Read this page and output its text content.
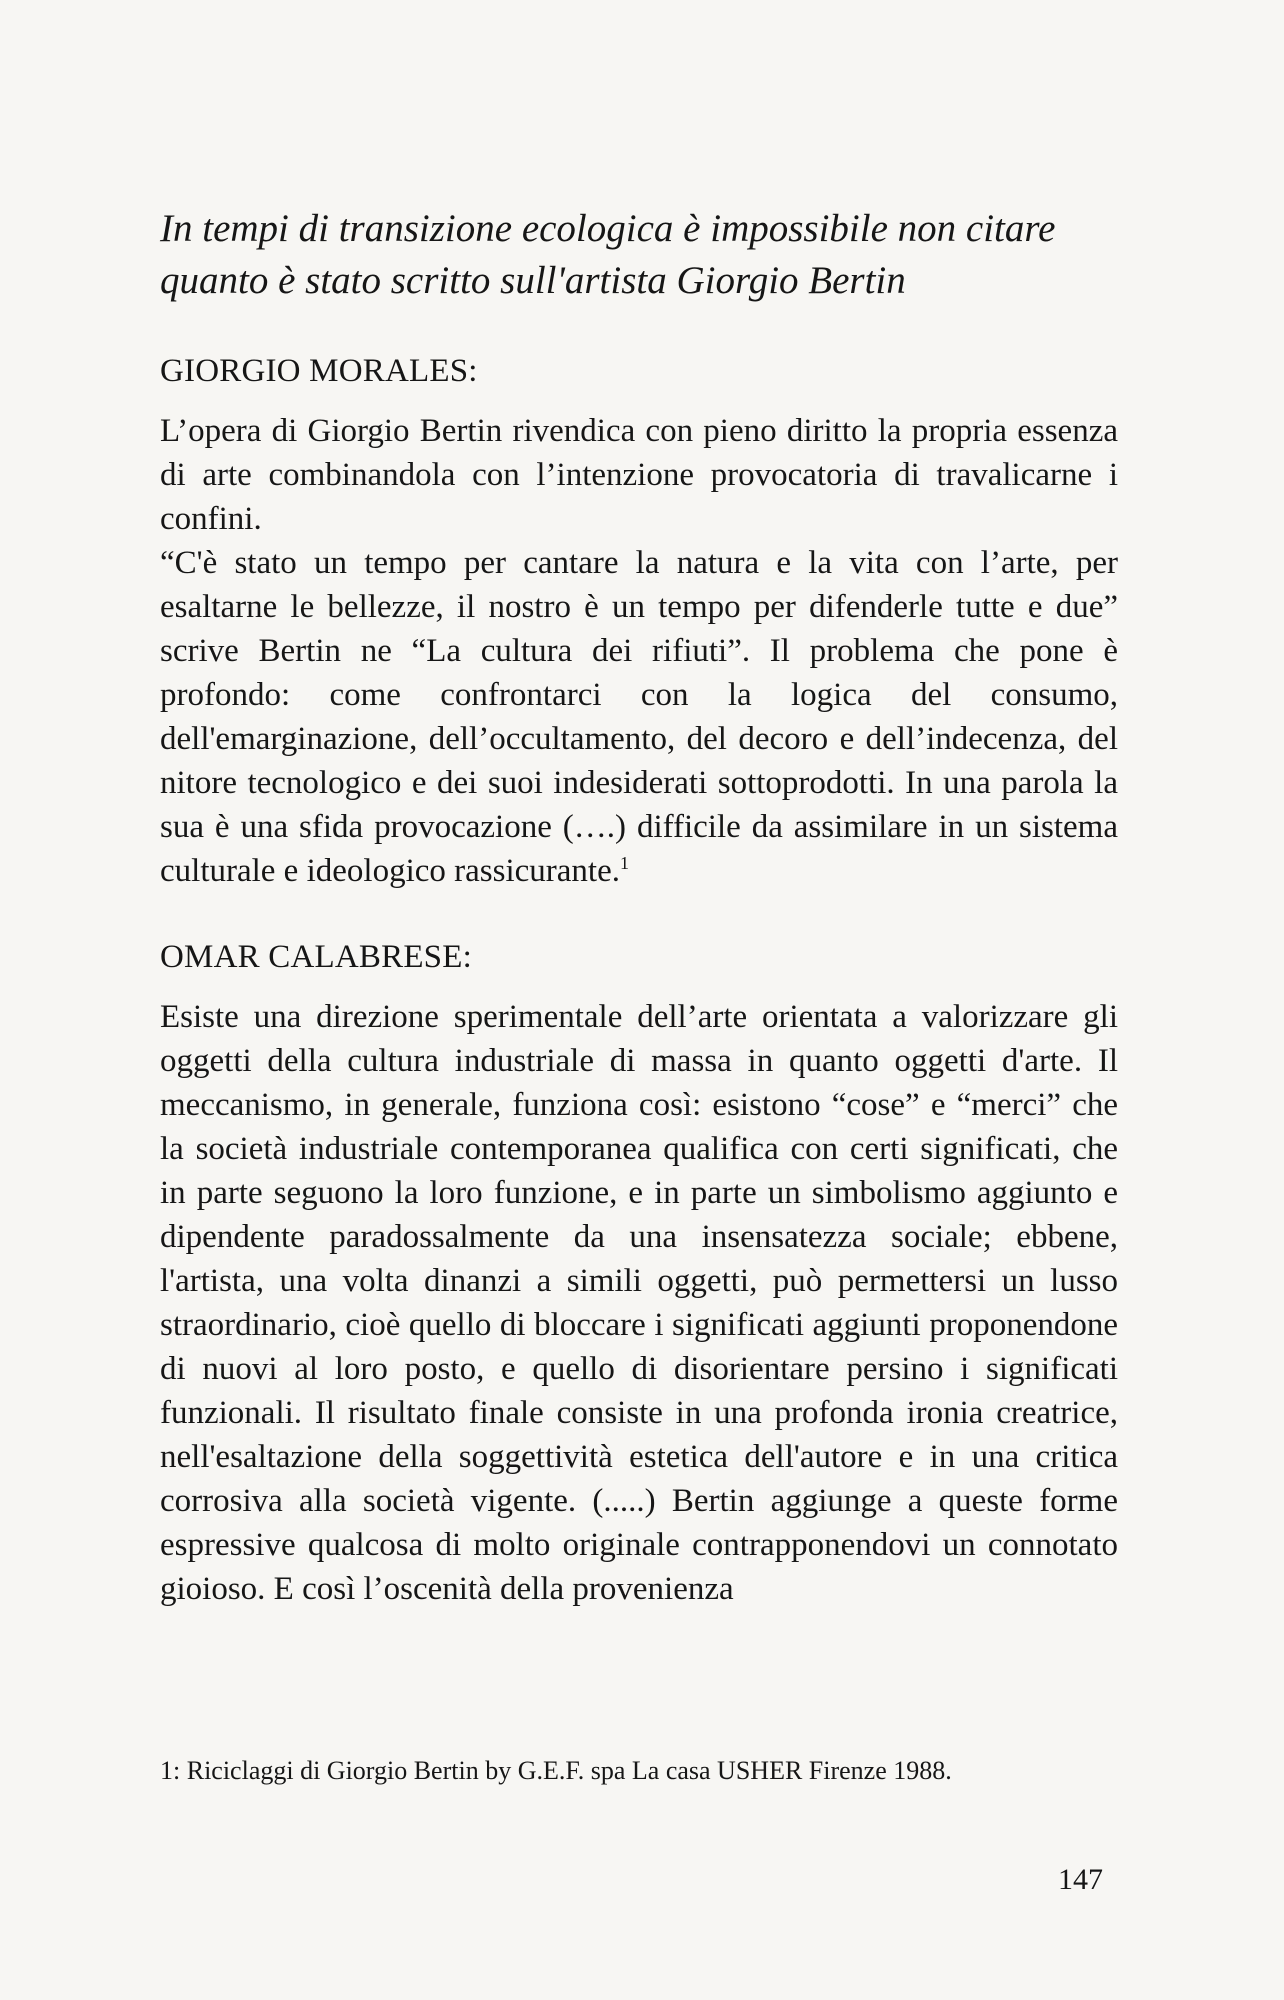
In tempi di transizione ecologica è impossibile non citare
quanto è stato scritto sull'artista Giorgio Bertin

GIORGIO MORALES:

L’opera di Giorgio Bertin rivendica con pieno diritto la propria essenza di arte combinandola con l’intenzione provocatoria di travalicarne i confini.

“C'è stato un tempo per cantare la natura e la vita con l’arte, per esaltarne le bellezze, il nostro è un tempo per difenderle tutte e due” scrive Bertin ne “La cultura dei rifiuti”. Il problema che pone è profondo: come confrontarci con la logica del consumo, dell'emarginazione, dell’occultamento, del decoro e dell’indecenza, del nitore tecnologico e dei suoi indesiderati sottoprodotti. In una parola la sua è una sfida provocazione (….) difficile da assimilare in un sistema culturale e ideologico rassicurante.$^1$

OMAR CALABRESE:

Esiste una direzione sperimentale dell’arte orientata a valorizzare gli oggetti della cultura industriale di massa in quanto oggetti d'arte. Il meccanismo, in generale, funziona così: esistono “cose” e “merci” che la società industriale contemporanea qualifica con certi significati, che in parte seguono la loro funzione, e in parte un simbolismo aggiunto e dipendente paradossalmente da una insensatezza sociale; ebbene, l'artista, una volta dinanzi a simili oggetti, può permettersi un lusso straordinario, cioè quello di bloccare i significati aggiunti proponendone di nuovi al loro posto, e quello di disorientare persino i significati funzionali. Il risultato finale consiste in una profonda ironia creatrice, nell'esaltazione della soggettività estetica dell'autore e in una critica corrosiva alla società vigente. (.....) Bertin aggiunge a queste forme espressive qualcosa di molto originale contrapponendovi un connotato gioioso. E così l’oscenità della provenienza

1: Riciclaggi di Giorgio Bertin by G.E.F. spa La casa USHER Firenze 1988.

147
